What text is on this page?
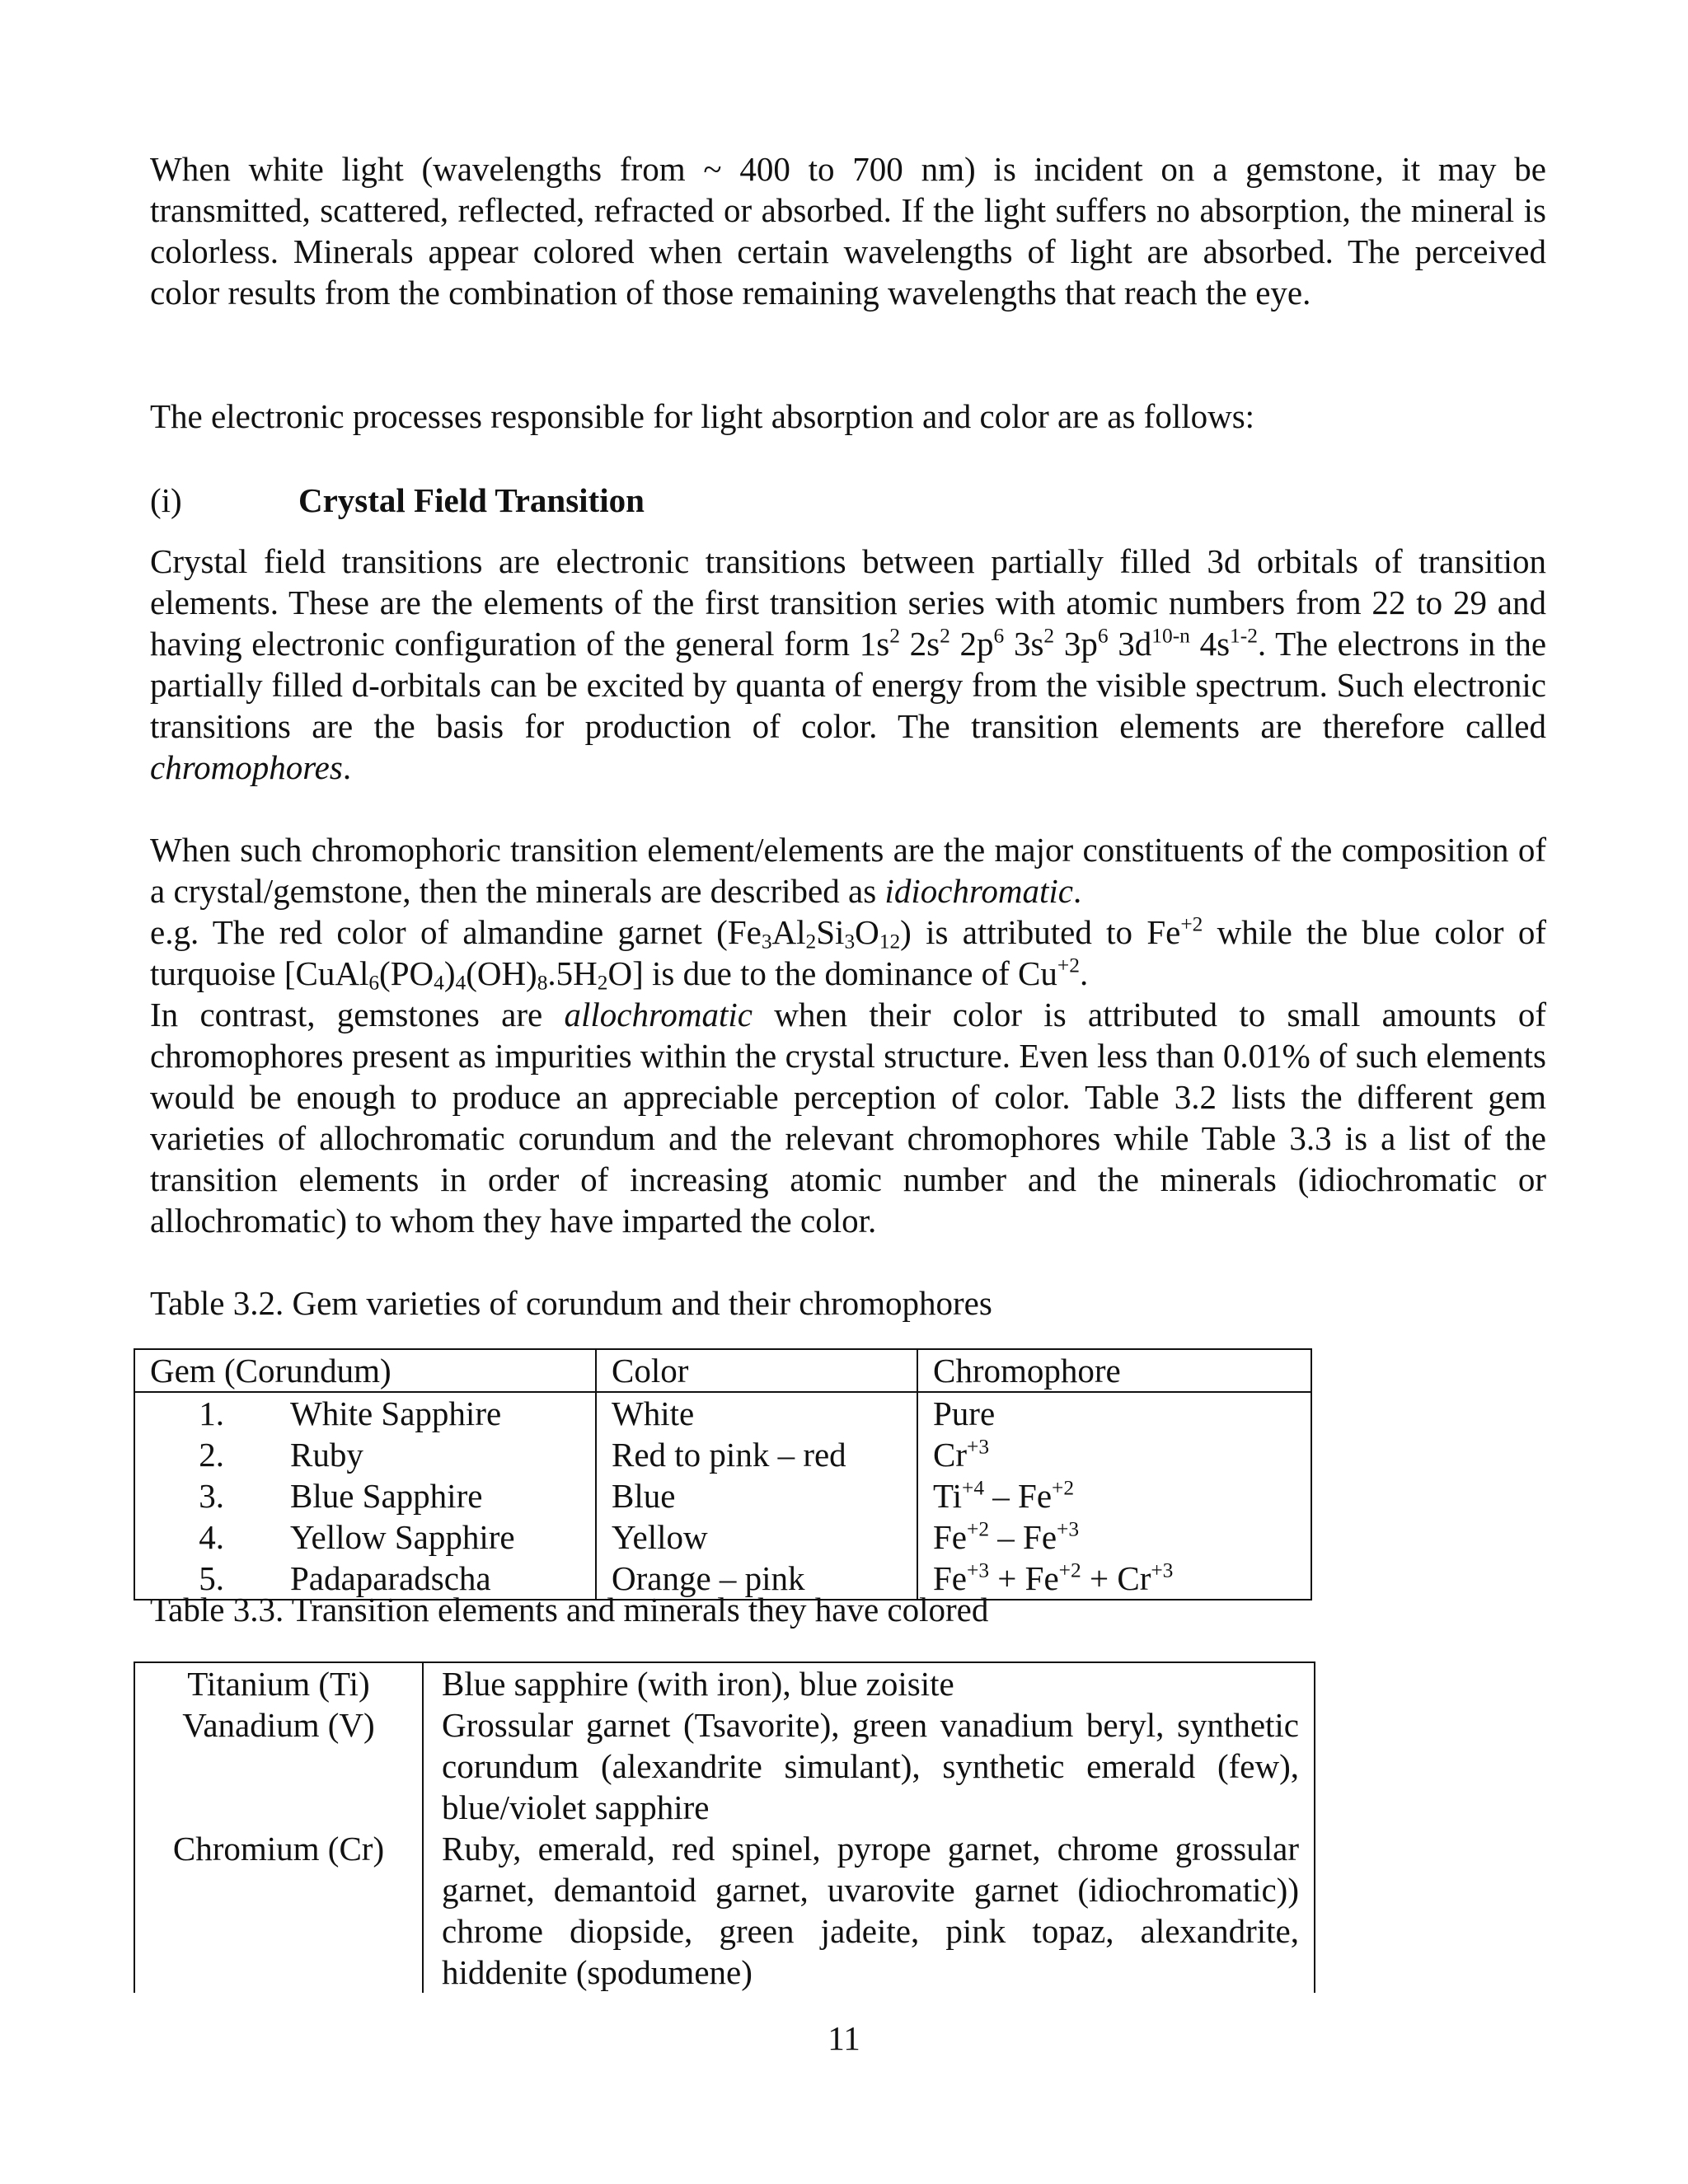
When white light (wavelengths from ~ 400 to 700 nm) is incident on a gemstone, it may be transmitted, scattered, reflected, refracted or absorbed. If the light suffers no absorption, the mineral is colorless. Minerals appear colored when certain wavelengths of light are absorbed. The perceived color results from the combination of those remaining wavelengths that reach the eye.

The electronic processes responsible for light absorption and color are as follows:

(i)	Crystal Field Transition

Crystal field transitions are electronic transitions between partially filled 3d orbitals of transition elements. These are the elements of the first transition series with atomic numbers from 22 to 29 and having electronic configuration of the general form $1s^2$ $2s^2$ $2p^6$ $3s^2$ $3p^6$ $3d^{10-n}$ $4s^{1-2}$. The electrons in the partially filled d-orbitals can be excited by quanta of energy from the visible spectrum. Such electronic transitions are the basis for production of color. The transition elements are therefore called chromophores.

When such chromophoric transition element/elements are the major constituents of the composition of a crystal/gemstone, then the minerals are described as idiochromatic.
e.g. The red color of almandine garnet $(Fe_3Al_2Si_3O_{12})$ is attributed to $Fe^{+2}$ while the blue color of turquoise $[CuAl_6(PO_4)_4(OH)_8.5H_2O]$ is due to the dominance of $Cu^{+2}$.
In contrast, gemstones are allochromatic when their color is attributed to small amounts of chromophores present as impurities within the crystal structure. Even less than 0.01% of such elements would be enough to produce an appreciable perception of color. Table 3.2 lists the different gem varieties of allochromatic corundum and the relevant chromophores while Table 3.3 is a list of the transition elements in order of increasing atomic number and the minerals (idiochromatic or allochromatic) to whom they have imparted the color.

Table 3.2. Gem varieties of corundum and their chromophores
Gem (Corundum)	Color	Chromophore
1. White Sapphire	White	Pure
2. Ruby	Red to pink – red	$Cr^{+3}$
3. Blue Sapphire	Blue	$Ti^{+4} - Fe^{+2}$
4. Yellow Sapphire	Yellow	$Fe^{+2} - Fe^{+3}$
5. Padaparadscha	Orange – pink	$Fe^{+3} + Fe^{+2} + Cr^{+3}$
Table 3.3. Transition elements and minerals they have colored
Titanium (Ti)	Blue sapphire (with iron), blue zoisite
Vanadium (V)	Grossular garnet (Tsavorite), green vanadium beryl, synthetic corundum (alexandrite simulant), synthetic emerald (few), blue/violet sapphire
Chromium (Cr)	Ruby, emerald, red spinel, pyrope garnet, chrome grossular garnet, demantoid garnet, uvarovite garnet (idiochromatic)) chrome diopside, green jadeite, pink topaz, alexandrite, hiddenite (spodumene)
11
